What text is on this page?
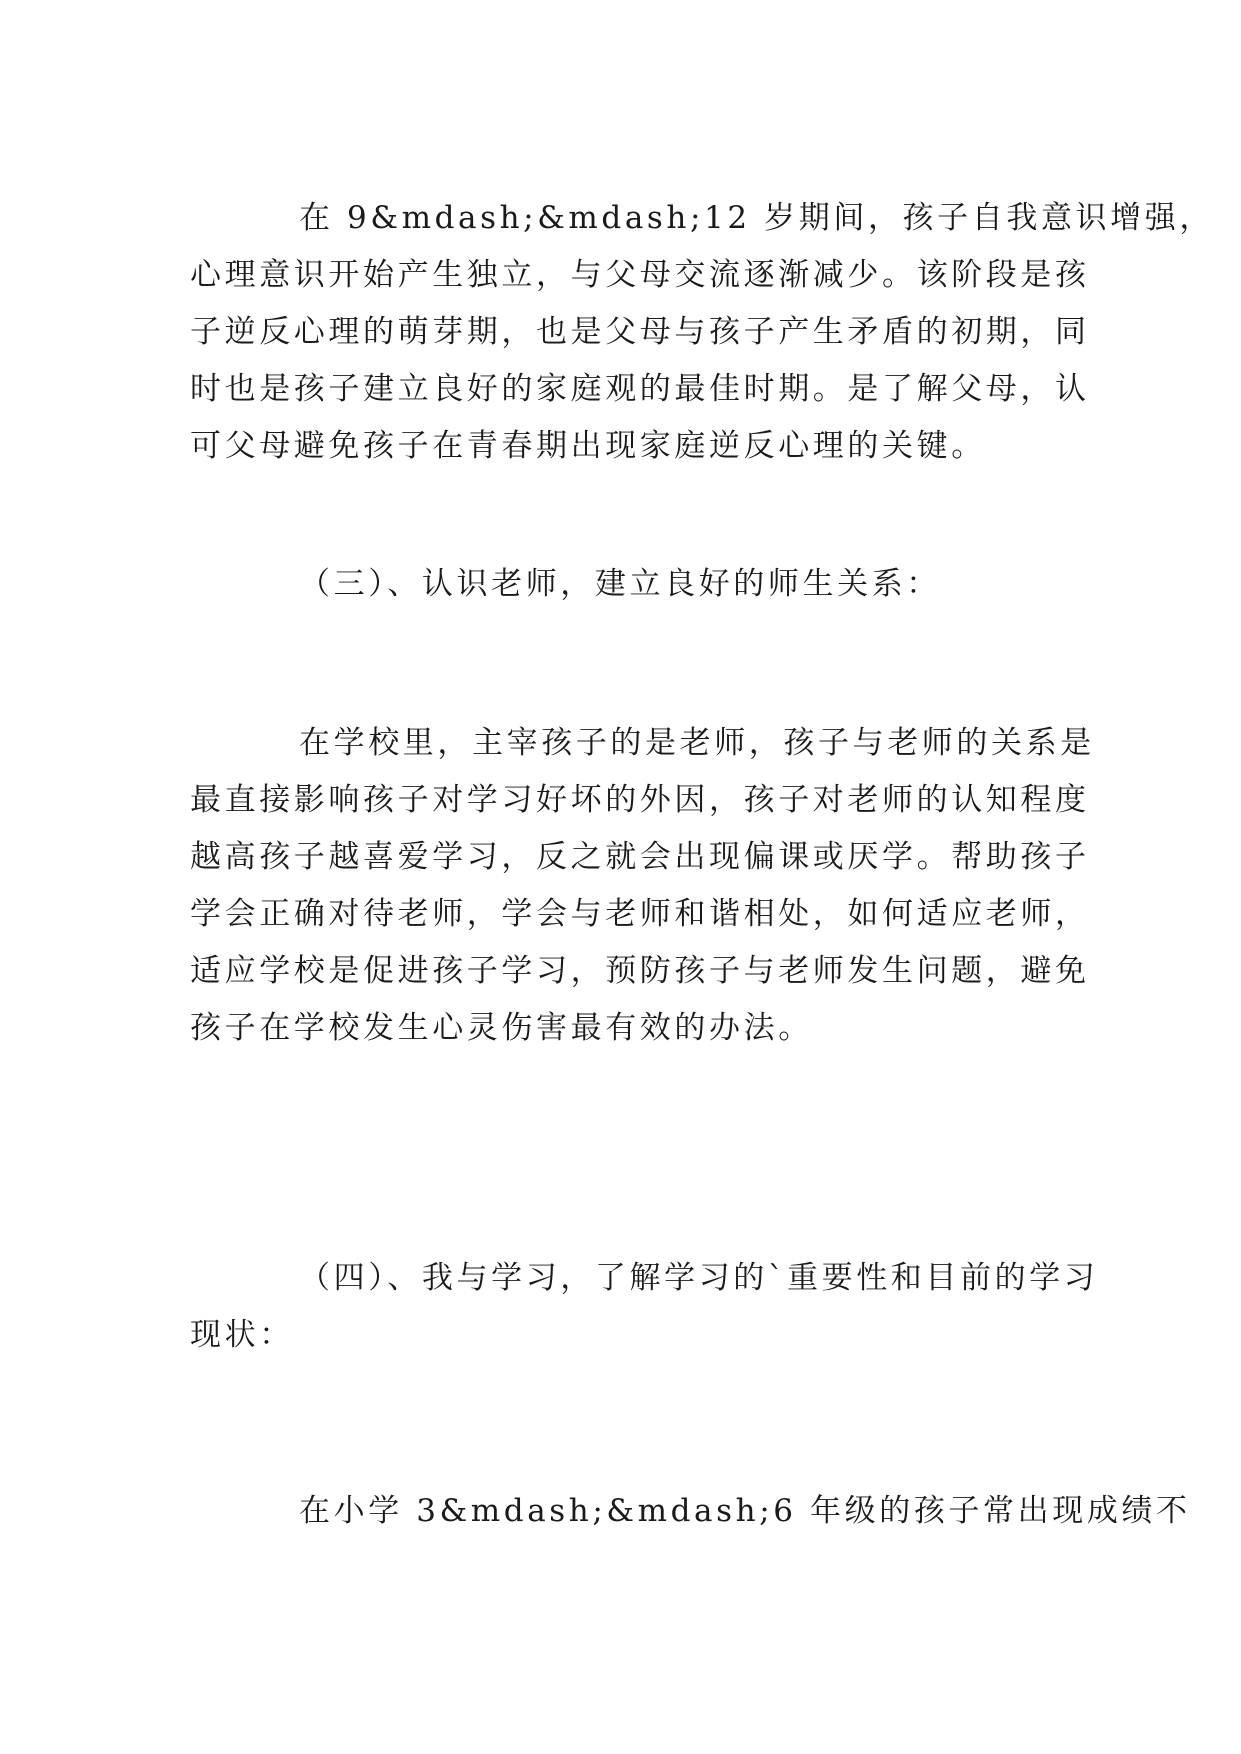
在 9&mdash;&mdash;12 岁期间，孩子自我意识增强，
心理意识开始产生独立，与父母交流逐渐减少。该阶段是孩
子逆反心理的萌芽期，也是父母与孩子产生矛盾的初期，同
时也是孩子建立良好的家庭观的最佳时期。是了解父母，认
可父母避免孩子在青春期出现家庭逆反心理的关键。
（三）、认识老师，建立良好的师生关系：
在学校里，主宰孩子的是老师，孩子与老师的关系是
最直接影响孩子对学习好坏的外因，孩子对老师的认知程度
越高孩子越喜爱学习，反之就会出现偏课或厌学。帮助孩子
学会正确对待老师，学会与老师和谐相处，如何适应老师，
适应学校是促进孩子学习，预防孩子与老师发生问题，避免
孩子在学校发生心灵伤害最有效的办法。
（四）、我与学习，了解学习的`重要性和目前的学习
现状：
在小学 3&mdash;&mdash;6 年级的孩子常出现成绩不
